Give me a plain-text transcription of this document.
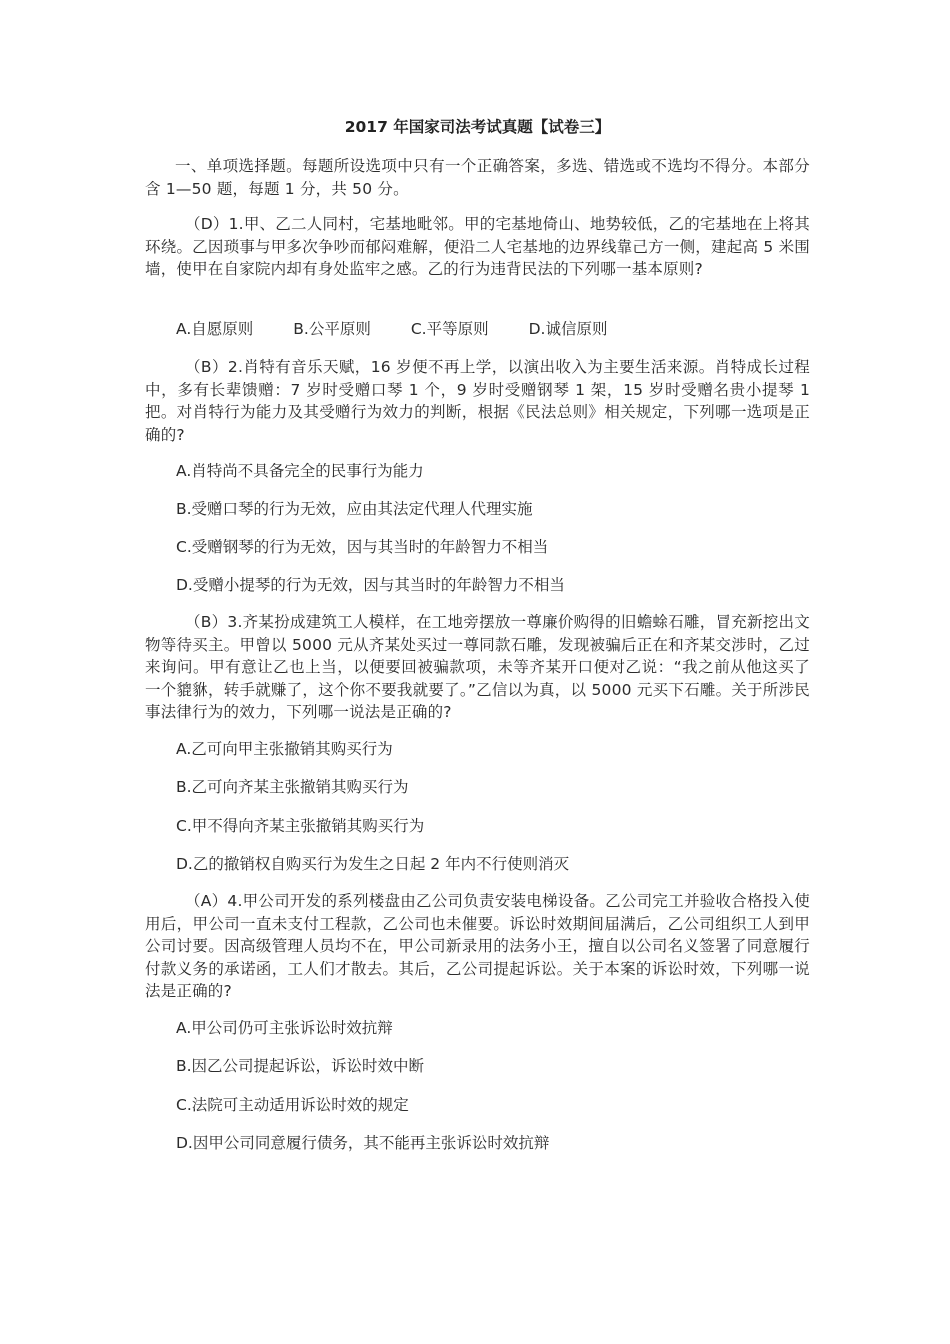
2017 年国家司法考试真题【试卷三】
一、单项选择题。每题所设选项中只有一个正确答案，多选、错选或不选均不得分。本部分含 1—50 题，每题 1 分，共 50 分。
（D）1.甲、乙二人同村，宅基地毗邻。甲的宅基地倚山、地势较低，乙的宅基地在上将其环绕。乙因琐事与甲多次争吵而郁闷难解，便沿二人宅基地的边界线靠己方一侧，建起高 5 米围墙，使甲在自家院内却有身处监牢之感。乙的行为违背民法的下列哪一基本原则?
A.自愿原则	B.公平原则	C.平等原则	D.诚信原则
（B）2.肖特有音乐天赋，16 岁便不再上学，以演出收入为主要生活来源。肖特成长过程中，多有长辈馈赠：7 岁时受赠口琴 1 个，9 岁时受赠钢琴 1 架，15 岁时受赠名贵小提琴 1 把。对肖特行为能力及其受赠行为效力的判断，根据《民法总则》相关规定，下列哪一选项是正确的?
A.肖特尚不具备完全的民事行为能力
B.受赠口琴的行为无效，应由其法定代理人代理实施
C.受赠钢琴的行为无效，因与其当时的年龄智力不相当
D.受赠小提琴的行为无效，因与其当时的年龄智力不相当
（B）3.齐某扮成建筑工人模样，在工地旁摆放一尊廉价购得的旧蟾蜍石雕，冒充新挖出文物等待买主。甲曾以 5000 元从齐某处买过一尊同款石雕，发现被骗后正在和齐某交涉时，乙过来询问。甲有意让乙也上当，以便要回被骗款项，未等齐某开口便对乙说：“我之前从他这买了一个貔貅，转手就赚了，这个你不要我就要了。”乙信以为真，以 5000 元买下石雕。关于所涉民事法律行为的效力，下列哪一说法是正确的?
A.乙可向甲主张撤销其购买行为
B.乙可向齐某主张撤销其购买行为
C.甲不得向齐某主张撤销其购买行为
D.乙的撤销权自购买行为发生之日起 2 年内不行使则消灭
（A）4.甲公司开发的系列楼盘由乙公司负责安装电梯设备。乙公司完工并验收合格投入使用后，甲公司一直未支付工程款，乙公司也未催要。诉讼时效期间届满后，乙公司组织工人到甲公司讨要。因高级管理人员均不在，甲公司新录用的法务小王，擅自以公司名义签署了同意履行付款义务的承诺函，工人们才散去。其后，乙公司提起诉讼。关于本案的诉讼时效，下列哪一说法是正确的?
A.甲公司仍可主张诉讼时效抗辩
B.因乙公司提起诉讼，诉讼时效中断
C.法院可主动适用诉讼时效的规定
D.因甲公司同意履行债务，其不能再主张诉讼时效抗辩
